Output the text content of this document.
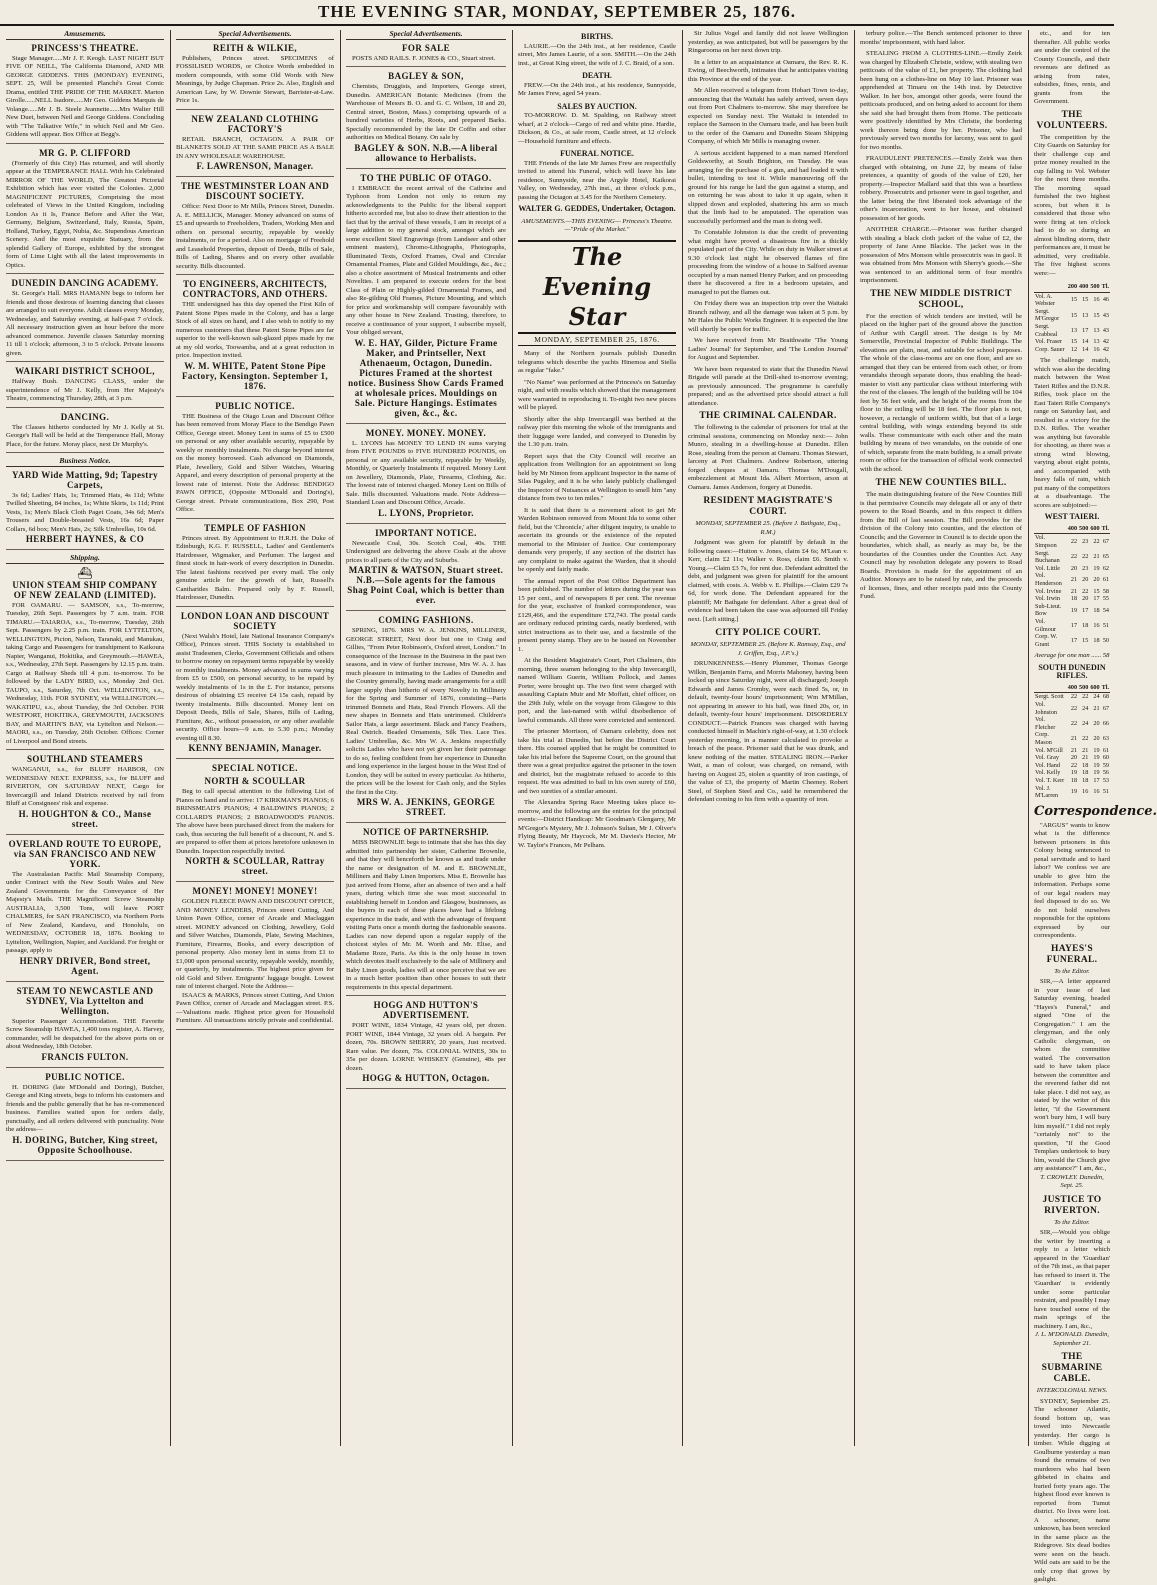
THE EVENING STAR, MONDAY, SEPTEMBER 25, 1876.
Amusements.
PRINCESS'S THEATRE.
Stage Manager......Mr J. F. Keogh. LAST NIGHT BUT FIVE OF NEILL, The California Diamond, AND MR GEORGE GIDDENS. THIS (MONDAY) EVENING, SEPT. 25, Will be presented Planché's Great Comic Drama, entitled THE PRIDE OF THE MARKET. Marton Girolle......NELL Isadore......Mr Geo. Giddens Marquis de Volange......Mr J. B. Steele Jeannette......Mrs Walter Hill New Duet, between Neil and George Giddens. Concluding with "The Talkative Wife," in which Neil and Mr Geo. Giddens will appear. Box Office at Begg's.
MR G. P. CLIFFORD
(Formerly of this City) Has returned, and will shortly appear at the TEMPERANCE HALL With his Celebrated MIRROR OF THE WORLD, The Greatest Pictorial Exhibition which has ever visited the Colonies. 2,000 MAGNIFICENT PICTURES, Comprising the most celebrated of Views in the United Kingdom, including London As it Is, France Before and After the War, Germany, Belgium, Switzerland, Italy, Russia, Spain, Holland, Turkey, Egypt, Nubia, &c. Stupendous American Scenery. And the most exquisite Statuary, from the splendid Gallery of Europe, exhibited by the strongest form of Lime Light with all the latest improvements in Optics.
DUNEDIN DANCING ACADEMY.
St. George's Hall. MRS HAMANN begs to inform her friends and those desirous of learning dancing that classes are arranged to suit everyone. Adult classes every Monday, Wednesday, and Saturday evening, at half-past 7 o'clock. All necessary instruction given an hour before the more advanced commence. Juvenile classes Saturday morning 11 till 1 o'clock; afternoon, 3 to 5 o'clock. Private lessons given.
WAIKARI DISTRICT SCHOOL,
Halfway Bush. DANCING CLASS, under the superintendence of Mr J. Kelly, from Her Majesty's Theatre, commencing Thursday, 28th, at 3 p.m.
DANCING.
The Classes hitherto conducted by Mr J. Kelly at St. George's Hall will be held at the Temperance Hall, Moray Place, for the future. Moray place, next Dr Murphy's.
Business Notice.
YARD Wide Matting, 9d; Tapestry Carpets,
3s 6d; Ladies' Hats, 1s; Trimmed Hats, 4s 11d; White Twilled Sheeting, 84 inches, 1s; White Skirts, 1s 11d; Print Vests, 1s; Men's Black Cloth Paget Coats, 34s 6d; Men's Trousers and Double-breasted Vests, 16s 6d; Paper Collars, 6d box; Men's Hats, 2s; Silk Umbrellas, 10s 6d.
HERBERT HAYNES, & CO
Shipping.
⛴
UNION STEAM SHIP COMPANY OF NEW ZEALAND (LIMITED).
FOR OAMARU. — SAMSON, s.s., To-morrow, Tuesday, 26th Sept. Passengers by 7 a.m. train. FOR TIMARU.—TAIAROA, s.s., To-morrow, Tuesday, 26th Sept. Passengers by 2.25 p.m. train. FOR LYTTELTON, WELLINGTON, Picton, Nelson, Taranaki, and Manukau, taking Cargo and Passengers for transhipment to Kaikoura Napier, Wanganui, Hokitika, and Greymouth.—HAWEA, s.s., Wednesday, 27th Sept. Passengers by 12.15 p.m. train. Cargo at Railway Sheds till 4 p.m. to-morrow. To be followed by the LADY BIRD, s.s., Monday 2nd Oct. TAUPO, s.s., Saturday, 7th Oct. WELLINGTON, s.s., Wednesday, 11th. FOR SYDNEY, via WELLINGTON.—WAKATIPU, s.s., about Tuesday, the 3rd October. FOR WESTPORT, HOKITIKA, GREYMOUTH, JACKSON'S BAY, and MARTIN'S BAY, via Lyttelton and Nelson.—MAORI, s.s., on Tuesday, 26th October. Offices: Corner of Liverpool and Bond streets.
SOUTHLAND STEAMERS
WANGANUI, s.s., for BLUFF HARBOR, ON WEDNESDAY NEXT. EXPRESS, s.s., for BLUFF and RIVERTON, ON SATURDAY NEXT, Cargo for Invercargill and Inland Districts received by rail from Bluff at Consignees' risk and expense.
H. HOUGHTON & CO., Manse street.
OVERLAND ROUTE TO EUROPE, via SAN FRANCISCO AND NEW YORK.
The Australasian Pacific Mail Steamship Company, under Contract with the New South Wales and New Zealand Governments for the Conveyance of Her Majesty's Mails. THE Magnificent Screw Steamship AUSTRALIA, 3,500 Tons, will leave PORT CHALMERS, for SAN FRANCISCO, via Northern Ports of New Zealand, Kandavu, and Honolulu, on WEDNESDAY, OCTOBER 18, 1876. Booking to Lyttelton, Wellington, Napier, and Auckland. For freight or passage, apply to
HENRY DRIVER, Bond street, Agent.
STEAM TO NEWCASTLE AND SYDNEY, Via Lyttelton and Wellington.
Superior Passenger Accommodation. THE Favorite Screw Steamship HAWEA, 1,400 tons register, A. Harvey, commander, will be despatched for the above ports on or about Wednesday, 18th October.
FRANCIS FULTON.
PUBLIC NOTICE.
H. DORING (late M'Donald and Doring), Butcher, George and King streets, begs to inform his customers and friends and the public generally that he has re-commenced business. Families waited upon for orders daily, punctually, and all orders delivered with punctuality. Note the address—
H. DORING, Butcher, King street, Opposite Schoolhouse.
Special Advertisements.
REITH & WILKIE,
Publishers, Princes street. SPECIMENS of FOSSILISED WORDS, or Choice Words embedded in modern compounds, with some Old Words with New Meanings, by Judge Chapman. Price 2s. Also, English and American Law, by W. Downie Stewart, Barrister-at-Law. Price 1s.
NEW ZEALAND CLOTHING FACTORY'S
RETAIL BRANCH, OCTAGON. A PAIR OF BLANKETS SOLD AT THE SAME PRICE AS A BALE IN ANY WHOLESALE WAREHOUSE.
F. LAWRENSON, Manager.
THE WESTMINSTER LOAN AND DISCOUNT SOCIETY.
Office: Next Door to Mr Mills, Princes Street, Dunedin. A. E. MELLICK, Manager. Money advanced on sums of £5 and upwards to Freeholders, Traders, Working Men and others on personal security, repayable by weekly instalments, or for a period. Also on mortgage of Freehold and Leasehold Properties, deposit of Deeds, Bills of Sale, Bills of Lading, Shares and on every other available security. Bills discounted.
TO ENGINEERS, ARCHITECTS, CONTRACTORS, AND OTHERS.
THE undersigned has this day opened the First Kiln of Patent Stone Pipes made in the Colony, and has a large Stock of all sizes on hand, and I also wish to notify to my numerous customers that these Patent Stone Pipes are far superior to the well-known salt-glazed pipes made by me at my old works, Toowamba, and at a great reduction in price. Inspection invited.
W. M. WHITE, Patent Stone Pipe Factory, Kensington. September 1, 1876.
PUBLIC NOTICE.
THE Business of the Otago Loan and Discount Office has been removed from Moray Place to the Bendigo Pawn Office, George street. Money Lent in sums of £5 to £500 on personal or any other available security, repayable by weekly or monthly instalments. No charge beyond interest on the money borrowed. Cash advanced on Diamonds, Plate, Jewellery, Gold and Silver Watches, Wearing Apparel, and every description of personal property at the lowest rate of interest. Note the Address: BENDIGO PAWN OFFICE, (Opposite M'Donald and Doring's), George street. Private communications, Box 290, Post Office.
TEMPLE OF FASHION
Princes street. By Appointment to H.R.H. the Duke of Edinburgh, K.G. F. RUSSELL, Ladies' and Gentlemen's Hairdresser, Wigmaker, and Perfumer. The largest and finest stock in hair-work of every description in Dunedin. The latest fashions received per every mail. The only genuine article for the growth of hair, Russell's Cantharides Balm. Prepared only by F. Russell, Hairdresser, Dunedin.
LONDON LOAN AND DISCOUNT SOCIETY
(Next Walsh's Hotel, late National Insurance Company's Office), Princes street. THIS Society is established to assist Tradesmen, Clerks, Government Officials and others to borrow money on repayment terms repayable by weekly or monthly instalments. Money advanced in sums varying from £5 to £500, on personal security, to be repaid by weekly instalments of 1s in the £. For instance, persons desirous of obtaining £5 receive £4 15s cash, repaid by twenty instalments. Bills discounted. Money lent on Deposit Deeds, Bills of Sale, Shares, Bills of Lading, Furniture, &c., without possession, or any other available security. Office hours—9 a.m. to 5.30 p.m.; Monday evening till 8.30.
KENNY BENJAMIN, Manager.
SPECIAL NOTICE.
NORTH & SCOULLAR
Beg to call special attention to the following List of Pianos on hand and to arrive: 17 KIRKMAN'S PIANOS; 6 BRINSMEAD'S PIANOS; 4 BALDWIN'S PIANOS; 2 COLLARD'S PIANOS; 2 BROADWOOD'S PIANOS. The above have been purchased direct from the makers for cash, thus securing the full benefit of a discount, N. and S. are prepared to offer them at prices heretofore unknown in Dunedin. Inspection respectfully invited.
NORTH & SCOULLAR, Rattray street.
MONEY! MONEY! MONEY!
GOLDEN FLEECE PAWN AND DISCOUNT OFFICE, AND MONEY LENDERS, Princes street Cutting, And Union Pawn Office, corner of Arcade and Maclaggan street. MONEY advanced on Clothing, Jewellery, Gold and Silver Watches, Diamonds, Plate, Sewing Machines, Furniture, Firearms, Books, and every description of personal property. Also money lent in sums from £1 to £1,000 upon personal security, repayable weekly, monthly, or quarterly, by instalments. The highest price given for old Gold and Silver. Emigrants' luggage bought. Lowest rate of interest charged. Note the Address—
ISAACS & MARKS, Princes street Cutting, And Union Pawn Office, corner of Arcade and Maclaggan street. P.S.—Valuations made. Highest price given for Household Furniture. All transactions strictly private and confidential.
Special Advertisements.
FOR SALE
POSTS AND RAILS. F. JONES & CO., Stuart street.
BAGLEY & SON,
Chemists, Druggists, and Importers, George street, Dunedin. AMERICAN Botanic Medicines (from the Warehouse of Messrs B. O. and G. C. Wilson, 18 and 20, Central street, Boston, Mass.) comprising upwards of a hundred varieties of Herbs, Roots, and prepared Barks. Specially recommended by the late Dr Coffin and other authorities on Medical Botany. On sale by
BAGLEY & SON. N.B.—A liberal allowance to Herbalists.
TO THE PUBLIC OF OTAGO.
I EMBRACE the recent arrival of the Cathrine and Typhoon from London not only to return my acknowledgments to the Public for the liberal support hitherto accorded me, but also to draw their attention to the fact that by the arrival of these vessels, I am in receipt of a large addition to my general stock, amongst which are some excellent Steel Engravings (from Landseer and other eminent masters), Chromo-Lithographs, Photographs, Illuminated Texts, Oxford Frames, Oval and Circular Ornamental Frames, Plate and Gilded Mouldings, &c., &c.; also a choice assortment of Musical Instruments and other Novelties. I am prepared to execute orders for the best Class of Plain or Highly-gilded Ornamental Frames, and also Re-gilding Old Frames, Picture Mounting, and which for price and workmanship will compare favourably with any other house in New Zealand. Trusting, therefore, to receive a continuance of your support, I subscribe myself, Your obliged servant,
W. E. HAY, Gilder, Picture Frame Maker, and Printseller, Next Athenaeum, Octagon, Dunedin. Pictures Framed at the shortest notice. Business Show Cards Framed at wholesale prices. Mouldings on Sale. Picture Hangings. Estimates given, &c., &c.
MONEY. MONEY. MONEY.
L. LYONS has MONEY TO LEND IN sums varying from FIVE POUNDS to FIVE HUNDRED POUNDS, on personal or any available security, repayable by Weekly, Monthly, or Quarterly Instalments if required. Money Lent on Jewellery, Diamonds, Plate, Firearms, Clothing, &c. The lowest rate of interest charged. Money Lent on Bills of Sale. Bills discounted. Valuations made. Note Address— Standard Loan and Discount Office, Arcade.
L. LYONS, Proprietor.
IMPORTANT NOTICE.
Newcastle Coal, 30s. Scotch Coal, 40s. THE Undersigned are delivering the above Coals at the above prices to all parts of the City and Suburbs.
MARTIN & WATSON, Stuart street. N.B.—Sole agents for the famous Shag Point Coal, which is better than ever.
COMING FASHIONS.
SPRING, 1876. MRS W. A. JENKINS, MILLINER, GEORGE STREET, Next door but one to Craig and Gillies, "From Peter Robinson's, Oxford street, London." In consequence of the Increase in the Business in the past two seasons, and in view of further increase, Mrs W. A. J. has much pleasure in intimating to the Ladies of Dunedin and the Country generally, having made arrangements for a still larger supply than hitherto of every Novelty in Millinery for the Spring and Summer of 1876, consisting—Paris trimmed Bonnets and Hats, Real French Flowers. All the new shapes in Bonnets and Hats untrimmed. Children's Sailor Hats, a large assortment. Black and Fancy Feathers, Real Ostrich. Beaded Ornaments, Silk Ties. Lace Ties. Ladies' Umbrellas, &c. Mrs W. A. Jenkins respectfully solicits Ladies who have not yet given her their patronage to do so, feeling confident from her experience in Dunedin and long experience in the largest house in the West End of London, they will be suited in every particular. As hitherto, the prices will be the lowest for Cash only, and the Styles the first in the City.
MRS W. A. JENKINS, GEORGE STREET.
NOTICE OF PARTNERSHIP.
MISS BROWNLIE begs to intimate that she has this day admitted into partnership her sister, Catherine Brownlie, and that they will henceforth be known as and trade under the name or designation of M. and E. BROWNLIE, Milliners and Baby Linen Importers. Miss E. Brownlie has just arrived from Home, after an absence of two and a half years, during which time she was most successful in establishing herself in London and Glasgow, businesses, as the buyers in each of these places have had a lifelong experience in the trade, and with the advantage of frequent visiting Paris once a month during the fashionable seasons. Ladies can now depend upon a regular supply of the choicest styles of Mr. M. Worth and Mr. Elise, and Madame Roze, Paris. As this is the only house in town which devotes itself exclusively to the sale of Millinery and Baby Linen goods, ladies will at once perceive that we are in a much better position than other houses to suit their requirements in this special department.
HOGG AND HUTTON'S ADVERTISEMENT.
PORT WINE, 1834 Vintage, 42 years old, per dozen. PORT WINE, 1844 Vintage, 32 years old. A bargain. Per dozen, 70s. BROWN SHERRY, 20 years, Just received. Rare value. Per dozen, 75s. COLONIAL WINES, 30s to 35s per dozen. LORNE WHISKEY (Genuine), 48s per dozen.
HOGG & HUTTON, Octagon.
BIRTHS.
LAURIE.—On the 24th inst., at her residence, Castle street, Mrs James Laurie, of a son. SMITH.—On the 24th inst., at Great King street, the wife of J. C. Braid, of a son.
DEATH.
FREW.—On the 24th inst., at his residence, Sunnyside, Mr James Frew, aged 54 years.
SALES BY AUCTION.
TO-MORROW. D. M. Spalding, on Railway street wharf, at 2 o'clock—Cargo of red and white pine. Hardie, Dickson, & Co., at sale room, Castle street, at 12 o'clock—Household furniture and effects.
FUNERAL NOTICE.
THE Friends of the late Mr James Frew are respectfully invited to attend his Funeral, which will leave his late residence, Sunnyside, near the Argyle Hotel, Kaikorai Valley, on Wednesday, 27th inst., at three o'clock p.m., passing the Octagon at 3.45 for the Northern Cemetery.
WALTER G. GEDDES, Undertaker, Octagon.
AMUSEMENTS.—THIS EVENING— Princess's Theatre.—"Pride of the Market."
The Evening Star
MONDAY, SEPTEMBER 25, 1876.

Many of the Northern journals publish Dunedin telegrams which describe the yachts Hinemoa and Stella as regular "fake."

"No Name" was performed at the Princess's on Saturday night, and with results which showed that the management were warranted in reproducing it. To-night two new pieces will be played.

Shortly after the ship Invercargill was berthed at the railway pier this morning the whole of the immigrants and their luggage were landed, and conveyed to Dunedin by the 1.30 p.m. train.

Report says that the City Council will receive an application from Wellington for an appointment so long held by Mr Nimon from applicant Inspector in the name of Silas Pugsley, and it is he who lately publicly challenged the Inspector of Nuisances at Wellington to smell him "any distance from two to ten miles."

It is said that there is a movement afoot to get Mr Warden Robinson removed from Mount Ida to some other field, but the 'Chronicle,' after diligent inquiry, is unable to ascertain its grounds or the existence of the reputed memorial to the Minister of Justice. Our contemporary demands very properly, if any section of the district has any complaint to make against the Warden, that it should be openly and fairly made.

The annual report of the Post Office Department has been published. The number of letters during the year was 15 per cent., and of newspapers 8 per cent. The revenue for the year, exclusive of franked correspondence, was £129,466, and the expenditure £72,743. The postal cards are ordinary reduced printing cards, neatly bordered, with strict instructions as to their use, and a facsimile of the present penny stamp. They are to be issued on November 1.

At the Resident Magistrate's Court, Port Chalmers, this morning, three seamen belonging to the ship Invercargill, named William Guerin, William Pollock, and James Porter, were brought up. The two first were charged with assaulting Captain Muir and Mr Moffatt, chief officer, on the 29th July, while on the voyage from Glasgow to this port, and the last-named with wilful disobedience of lawful commands. All three were convicted and sentenced.

The prisoner Morrison, of Oamaru celebrity, does not take his trial at Dunedin, but before the District Court there. His counsel applied that he might be committed to take his trial before the Supreme Court, on the ground that there was a great prejudice against the prisoner in the town and district, but the magistrate refused to accede to this request. He was admitted to bail in his own surety of £60, and two sureties of a similar amount.

The Alexandra Spring Race Meeting takes place to-morrow, and the following are the entries for the principal events:—District Handicap: Mr Goodman's Glengarry, Mr M'Gregor's Mystery, Mr J. Johnson's Sultan, Mr J. Oliver's Flying Beauty, Mr Haycock, Mr M. Davies's Hector, Mr W. Taylor's Frances, Mr Pelham.

Sir Julius Vogel and family did not leave Wellington yesterday, as was anticipated, but will be passengers by the Ringarooma on her next down trip.

In a letter to an acquaintance at Oamaru, the Rev. R. K. Ewing, of Beechworth, intimates that he anticipates visiting this Province at the end of the year.

Mr Allen received a telegram from Hobart Town to-day, announcing that the Waitaki has safely arrived, seven days out from Port Chalmers to-morrow. She may therefore be expected on Sunday next. The Waitaki is intended to replace the Samson in the Oamaru trade, and has been built to the order of the Oamaru and Dunedin Steam Shipping Company, of which Mr Mills is managing owner.

A serious accident happened to a man named Hereford Goldsworthy, at South Brighton, on Tuesday. He was arranging for the purchase of a gun, and had loaded it with bullet, intending to test it. While manœuvring off the ground for his range he laid the gun against a stump, and on returning he was about to take it up again, when it slipped down and exploded, shattering his arm so much that the limb had to be amputated. The operation was successfully performed and the man is doing well.

To Constable Johnston is due the credit of preventing what might have proved a disastrous fire in a thickly populated part of the City. While on duty in Walker street at 9.30 o'clock last night he observed flames of fire proceeding from the window of a house in Salford avenue occupied by a man named Henry Parker, and on proceeding there he discovered a fire in a bedroom upstairs, and managed to put the flames out.

On Friday there was an inspection trip over the Waitaki Branch railway, and all the damage was taken at 5 p.m. by Mr Hales the Public Works Engineer. It is expected the line will shortly be open for traffic.

We have received from Mr Braithwaite 'The Young Ladies' Journal' for September, and 'The London Journal' for August and September.

We have been requested to state that the Dunedin Naval Brigade will parade at the Drill-shed to-morrow evening; as previously announced. The programme is carefully prepared; and as the advertised price should attract a full attendance.

THE CRIMINAL CALENDAR.
The following is the calendar of prisoners for trial at the criminal sessions, commencing on Monday next:— John Munro, stealing in a dwelling-house at Dunedin. Ellen Rose, stealing from the person at Oamaru. Thomas Stewart, larceny at Port Chalmers. Andrew Robertson, uttering forged cheques at Oamaru. Thomas M'Dougall, embezzlement at Mount Ida. Albert Morrison, arson at Oamaru. James Anderson, forgery at Dunedin.
RESIDENT MAGISTRATE'S COURT.
MONDAY, SEPTEMBER 25. (Before J. Bathgate, Esq., R.M.)
Judgment was given for plaintiff by default in the following cases:—Hutton v. Jones, claim £4 6s; M'Lean v. Kerr, claim £2 11s; Walker v. Ross, claim £6. Smith v. Young.—Claim £3 7s, for rent due. Defendant admitted the debt, and judgment was given for plaintiff for the amount claimed, with costs. A. Webb v. E. Phillips.—Claim £29 7s 6d, for work done. The Defendant appeared for the plaintiff; Mr Bathgate for defendant. After a great deal of evidence had been taken the case was adjourned till Friday next. [Left sitting.]
CITY POLICE COURT.
MONDAY, SEPTEMBER 25. (Before K. Ramsay, Esq., and J. Griffen, Esq., J.P.'s.)
DRUNKENNESS.—Henry Plummer, Thomas George Wilkin, Benjamin Farra, and Morris Mahoney, having been locked up since Saturday night, were all discharged; Joseph Edwards and James Cromby, were each fined 5s, or, in default, twenty-four hours' imprisonment; Wm M'Millan, not appearing in answer to his bail, was fined 20s, or, in default, twenty-four hours' imprisonment. DISORDERLY CONDUCT.—Patrick Frances was charged with having conducted himself in Machin's right-of-way, at 1.30 o'clock yesterday morning, in a manner calculated to provoke a breach of the peace. Prisoner said that he was drunk, and knew nothing of the matter. STEALING IRON.—Parker Watt, a man of colour, was charged, on remand, with having on August 25, stolen a quantity of iron castings, of the value of £3, the property of Martin Cheeney. Robert Steel, of Stephen Steel and Co., said he remembered the defendant coming to his firm with a quantity of iron.

terbury police.—The Bench sentenced prisoner to three months' imprisonment, with hard labor.

STEALING FROM A CLOTHES-LINE.—Emily Zeirk was charged by Elizabeth Christie, widow, with stealing two petticoats of the value of £1, her property. The clothing had been hung on a clothes-line on May 10 last. Prisoner was apprehended at Timaru on the 14th inst. by Detective Walker. In her box, amongst other goods, were found the petticoats produced, and on being asked to account for them she said she had brought them from Home. The petticoats were positively identified by Mrs Christie, the bordering work thereon being done by her. Prisoner, who had previously served two months for larceny, was sent to gaol for two months.

FRAUDULENT PRETENCES.—Emily Zeirk was then charged with obtaining, on June 22, by means of false pretences, a quantity of goods of the value of £20, her property.—Inspector Mallard said that this was a heartless robbery. Prosecutrix and prisoner were in gaol together, and the latter being the first liberated took advantage of the other's incarceration, went to her house, and obtained possession of her goods.

ANOTHER CHARGE.—Prisoner was further charged with stealing a black cloth jacket of the value of £2, the property of Jane Anne Blackie. The jacket was in the possession of Mrs Monson while prosecutrix was in gaol. It was obtained from Mrs Monson with Sherry's goods.—She was sentenced to an additional term of four month's imprisonment.

THE NEW MIDDLE DISTRICT SCHOOL,
For the erection of which tenders are invited, will be placed on the higher part of the ground above the junction of Arthur with Cargill street. The design is by Mr Somerville, Provincial Inspector of Public Buildings. The elevations are plain, neat, and suitable for school purposes. The whole of the class-rooms are on one floor, and are so arranged that they can be entered from each other, or from verandahs through separate doors, thus enabling the head-master to visit any particular class without interfering with the rest of the classes. The length of the building will be 104 feet by 56 feet wide, and the height of the rooms from the floor to the ceiling will be 18 feet. The floor plan is not, however, a rectangle of uniform width, but that of a large central building, with wings extending beyond its side walls. These communicate with each other and the main building by means of two verandahs, on the outside of one of which, separate from the main building, is a small private room or office for the transaction of official work connected with the school.
THE NEW COUNTIES BILL.
The main distinguishing feature of the New Counties Bill is that permissive Councils may delegate all or any of their powers to the Road Boards, and in this respect it differs from the Bill of last session. The Bill provides for the division of the Colony into counties, and the election of Councils; and the Governor in Council is to decide upon the boundaries, which shall, as nearly as may be, be the boundaries of the Counties under the Counties Act. Any Council may by resolution delegate any powers to Road Boards. Provision is made for the appointment of an Auditor. Moneys are to be raised by rate, and the proceeds of licenses, fines, and other receipts paid into the County Fund.
etc., and for ten thereafter. All public works are under the control of the County Councils, and their revenues are defined as arising from rates, subsidies, fines, rents, and grants from the Government.
THE VOLUNTEERS.
The competition by the City Guards on Saturday for their challenge cup and prize money resulted in the cup falling to Vol. Webster for the next three months. The morning squad furnished the two highest scores, but when it is considered that those who were firing at ten o'clock had to do so during an almost blinding storm, their performances are, it must be admitted, very creditable. The five highest scores were:—
	200	400	500	Tl.
Vol. A. Webster	15	15	16	46
Sergt. M'Gregor	15	13	15	43
Sergt. Crabbeal	13	17	13	43
Vol. Fraser	15	14	13	42
Corp. Sauer	12	14	16	42
The challenge match, which was also the deciding match between the West Taieri Rifles and the D.N.R. Rifles, took place on the East Taieri Rifle Company's range on Saturday last, and resulted in a victory for the D.N. Rifles. The weather was anything but favorable for shooting, as there was a strong wind blowing, varying about eight points, and accompanied with heavy falls of rain, which put many of the competitors at a disadvantage. The scores are subjoined:—
WEST TAIERI.
	400	500	600	Tl.
Vol. Simpson	22	23	22	67
Sergt. Buchanan	22	22	21	65
Vol. Little	20	23	19	62
Vol. Henderson	21	20	20	61
Vol. Irvine	21	22	15	58
Vol. Irwin	18	20	17	55
Sub-Lieut. Bow	19	17	18	54
Vol. Gilmour	17	18	16	51
Corp. W. Grant	17	15	18	50
Average for one man ...... 58
SOUTH DUNEDIN RIFLES.
	400	500	600	Tl.
Sergt. Scott	22	22	24	68
Vol. Johnston	22	24	21	67
Vol. Fletcher	22	24	20	66
Corp. Mason	21	22	20	63
Vol. M'Gill	21	21	19	61
Vol. Gray	20	21	19	60
Vol. Hand	22	18	19	59
Vol. Kelly	19	18	19	56
Vol. T. Kerr	18	18	17	53
Vol. J. M'Larren	19	16	16	51
Correspondence.
"ARGUS" wants to know what is the difference between prisoners in this Colony being sentenced to penal servitude and to hard labor? We confess we are unable to give him the information. Perhaps some of our legal readers may feel disposed to do so. We do not hold ourselves responsible for the opinions expressed by our correspondents.
HAYES'S FUNERAL.
To the Editor.
SIR,—A letter appeared in your issue of last Saturday evening, headed "Hayes's Funeral," and signed "One of the Congregation." I am the clergyman, and the only Catholic clergyman, on whom the committee waited. The conversation said to have taken place between the committee and the reverend father did not take place. I did not say, as stated by the writer of this letter, "if the Government won't bury him, I will bury him myself." I did not reply "certainly not" to the question, "If the Good Templars undertook to bury him, would the Church give any assistance?" I am, &c.,
T. CROWLEY. Dunedin, Sept. 25.
JUSTICE TO RIVERTON.
To the Editor.
SIR,—Would you oblige the writer by inserting a reply to a letter which appeared in the 'Guardian' of the 7th inst., as that paper has refused to insert it. The 'Guardian' is evidently under some particular restraint, and possibly I may have touched some of the main springs of the machinery. I am, &c.,
J. L. M'DONALD. Dunedin, September 21.
THE SUBMARINE CABLE.
INTERCOLONIAL NEWS.
SYDNEY, September 25. The schooner Atlantic, found bottom up, was towed into Newcastle yesterday. Her cargo is timber. While digging at Goulburne yesterday a man found the remains of two murderers who had been gibbeted in chains and buried forty years ago. The highest flood ever known is reported from Tumut district. No lives were lost. A schooner, name unknown, has been wrecked in the same place as the Ridegrove. Six dead bodies were seen on the beach. Wild oats are said to be the only crop that grows by gaslight.
